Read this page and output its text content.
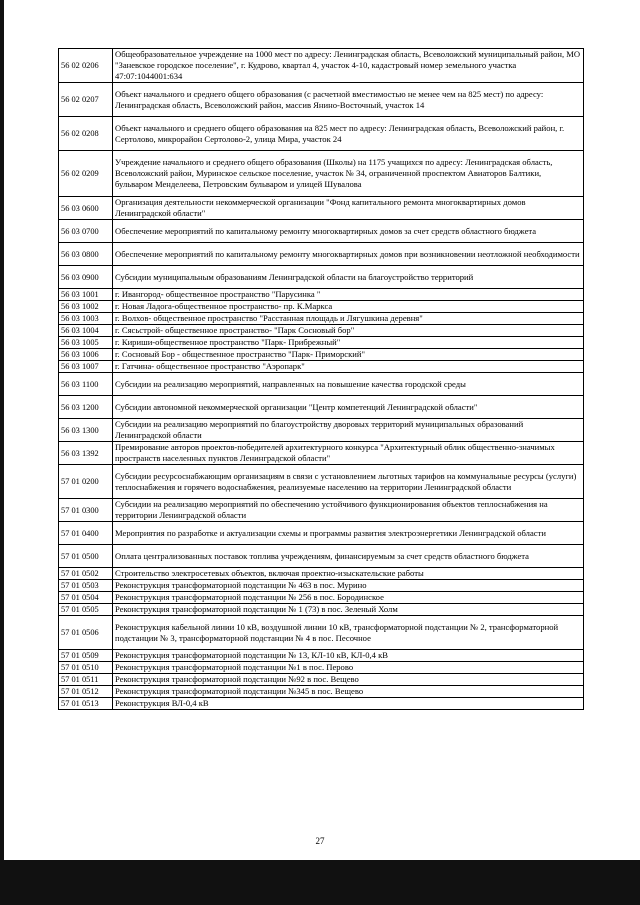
56 02 0206	Общеобразовательное учреждение на 1000 мест по адресу: Ленинградская область, Всеволожский муниципальный район, МО "Заневское городское поселение", г. Кудрово, квартал 4, участок 4-10, кадастровый номер земельного участка 47:07:1044001:634
56 02 0207	Объект начального и среднего общего образования (с расчетной вместимостью не менее чем на 825 мест) по адресу: Ленинградская область, Всеволожский район, массив Янино-Восточный, участок 14
56 02 0208	Объект начального и среднего общего образования на 825 мест по адресу: Ленинградская область, Всеволожский район, г. Сертолово, микрорайон Сертолово-2, улица Мира, участок 24
56 02 0209	Учреждение начального и среднего общего образования (Школы) на 1175 учащихся по адресу: Ленинградская область, Всеволожский район, Муринское сельское поселение, участок № 34, ограниченной проспектом Авиаторов Балтики, бульваром Менделеева, Петровским бульваром и улицей Шувалова
56 03 0600	Организация деятельности некоммерческой организации "Фонд капитального ремонта многоквартирных домов Ленинградской области"
56 03 0700	Обеспечение мероприятий по капитальному ремонту многоквартирных домов за счет средств областного бюджета
56 03 0800	Обеспечение мероприятий по капитальному ремонту многоквартирных домов при возникновении неотложной необходимости
56 03 0900	Субсидии муниципальным образованиям Ленинградской области на благоустройство территорий
56 03 1001	г. Ивангород- общественное пространство "Парусинка "
56 03 1002	г. Новая Ладога-общественное пространство- пр. К.Маркса
56 03 1003	г. Волхов- общественное пространство "Расстанная площадь и Лягушкина деревня"
56 03 1004	г. Сясьстрой- общественное пространство- "Парк Сосновый бор"
56 03 1005	г. Кириши-общественное пространство "Парк- Прибрежный"
56 03 1006	г. Сосновый Бор - общественное пространство "Парк- Приморский"
56 03 1007	г. Гатчина- общественное пространство "Аэропарк"
56 03 1100	Субсидии на реализацию мероприятий, направленных на повышение качества городской среды
56 03 1200	Субсидии автономной некоммерческой организации "Центр компетенций Ленинградской области"
56 03 1300	Субсидии на реализацию мероприятий по благоустройству дворовых территорий муниципальных образований Ленинградской области
56 03 1392	Премирование авторов проектов-победителей архитектурного конкурса "Архитектурный облик общественно-значимых пространств населенных пунктов Ленинградской области"
57 01 0200	Субсидии ресурсоснабжающим организациям в связи с установлением льготных тарифов на коммунальные ресурсы (услуги) теплоснабжения и горячего водоснабжения, реализуемые населению на территории Ленинградской области
57 01 0300	Субсидии на реализацию мероприятий по обеспечению устойчивого функционирования объектов теплоснабжения на территории Ленинградской области
57 01 0400	Мероприятия по разработке и актуализации схемы и программы развития электроэнергетики Ленинградской области
57 01 0500	Оплата централизованных поставок топлива учреждениям, финансируемым за счет средств областного бюджета
57 01 0502	Строительство электросетевых объектов, включая проектно-изыскательские работы
57 01 0503	Реконструкция трансформаторной подстанции № 463 в пос. Мурино
57 01 0504	Реконструкция трансформаторной подстанции № 256 в пос. Бородинское
57 01 0505	Реконструкция трансформаторной подстанции № 1 (73) в пос. Зеленый Холм
57 01 0506	Реконструкция кабельной линии 10 кВ, воздушной линии 10 кВ, трансформаторной подстанции № 2, трансформаторной подстанции № 3, трансформаторной подстанции № 4 в пос. Песочное
57 01 0509	Реконструкция трансформаторной подстанции № 13, КЛ-10 кВ, КЛ-0,4 кВ
57 01 0510	Реконструкция трансформаторной подстанции №1 в пос. Перово
57 01 0511	Реконструкция трансформаторной подстанции №92 в пос. Вещево
57 01 0512	Реконструкция трансформаторной подстанции №345 в пос. Вещево
57 01 0513	Реконструкция ВЛ-0,4 кВ
27
